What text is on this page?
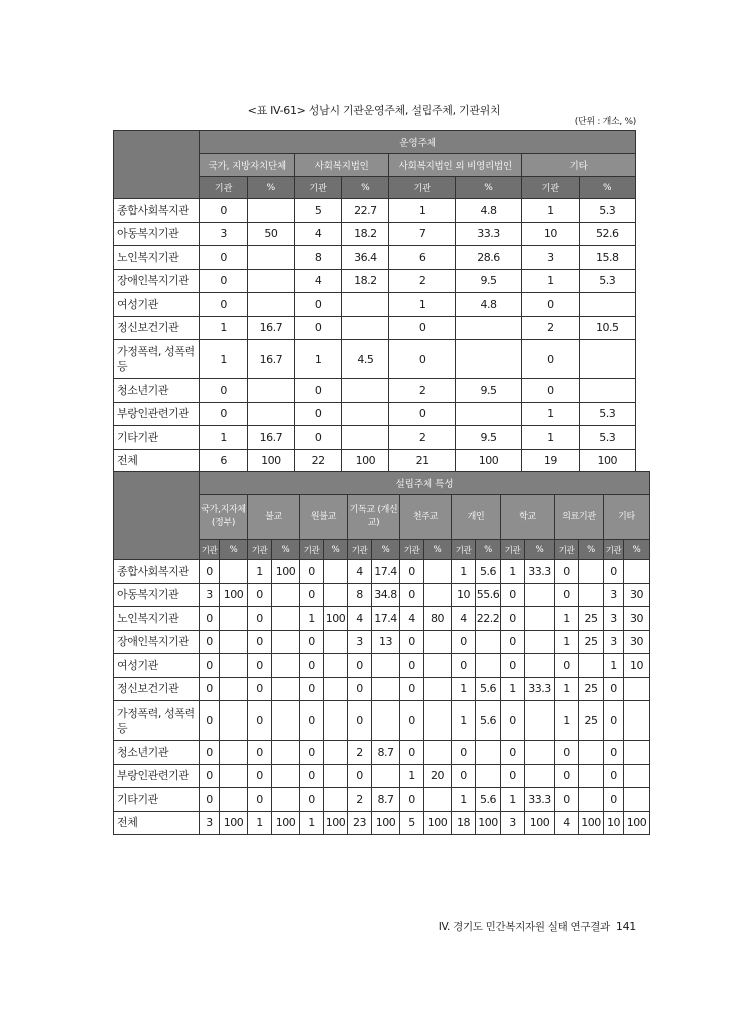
<표 IV-61> 성남시 기관운영주체, 설립주체, 기관위치
(단위 : 개소, %)
	운영주체							
	국가, 지방자치단체		사회복지법인		사회복지법인 외 비영리법인		기타	
	기관	%	기관	%	기관	%	기관	%
종합사회복지관	0		5	22.7	1	4.8	1	5.3
아동복지기관	3	50	4	18.2	7	33.3	10	52.6
노인복지기관	0		8	36.4	6	28.6	3	15.8
장애인복지기관	0		4	18.2	2	9.5	1	5.3
여성기관	0		0		1	4.8	0	
정신보건기관	1	16.7	0		0		2	10.5
가정폭력, 성폭력 등	1	16.7	1	4.5	0		0	
청소년기관	0		0		2	9.5	0	
부랑인관련기관	0		0		0		1	5.3
기타기관	1	16.7	0		2	9.5	1	5.3
전체	6	100	22	100	21	100	19	100
	설립주체 특성																	
	국가,지자체(정부)		불교		원불교		기독교 (개신교)		천주교		개인		학교		의료기관		기타	
	기관	%	기관	%	기관	%	기관	%	기관	%	기관	%	기관	%	기관	%	기관	%
종합사회복지관	0		1	100	0		4	17.4	0		1	5.6	1	33.3	0		0	
아동복지기관	3	100	0		0		8	34.8	0		10	55.6	0		0		3	30
노인복지기관	0		0		1	100	4	17.4	4	80	4	22.2	0		1	25	3	30
장애인복지기관	0		0		0		3	13	0		0		0		1	25	3	30
여성기관	0		0		0		0		0		0		0		0		1	10
정신보건기관	0		0		0		0		0		1	5.6	1	33.3	1	25	0	
가정폭력, 성폭력 등	0		0		0		0		0		1	5.6	0		1	25	0	
청소년기관	0		0		0		2	8.7	0		0		0		0		0	
부랑인관련기관	0		0		0		0		1	20	0		0		0		0	
기타기관	0		0		0		2	8.7	0		1	5.6	1	33.3	0		0	
전체	3	100	1	100	1	100	23	100	5	100	18	100	3	100	4	100	10	100
IV. 경기도 민간복지자원 실태 연구결과 141
